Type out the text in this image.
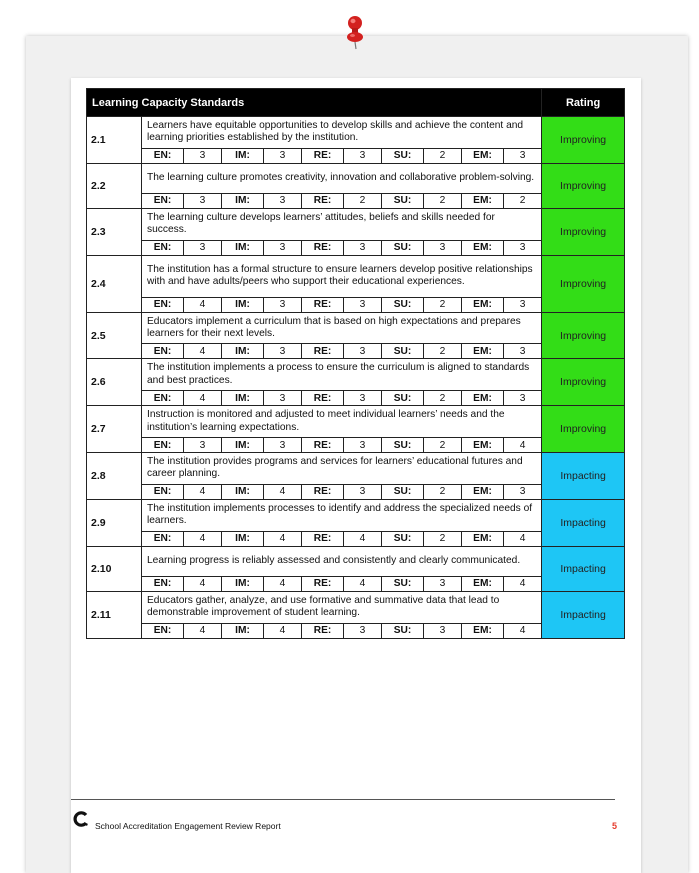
Learning Capacity Standards											Rating
2.1	Learners have equitable opportunities to develop skills and achieve the content and learning priorities established by the institution.										Improving
	EN:	3	IM:	3	RE:	3	SU:	2	EM:	3	
2.2	The learning culture promotes creativity, innovation and collaborative problem-solving.										Improving
	EN:	3	IM:	3	RE:	2	SU:	2	EM:	2	
2.3	The learning culture develops learners’ attitudes, beliefs and skills needed for success.										Improving
	EN:	3	IM:	3	RE:	3	SU:	3	EM:	3	
2.4	The institution has a formal structure to ensure learners develop positive relationships with and have adults/peers who support their educational experiences.										Improving
	EN:	4	IM:	3	RE:	3	SU:	2	EM:	3	
2.5	Educators implement a curriculum that is based on high expectations and prepares learners for their next levels.										Improving
	EN:	4	IM:	3	RE:	3	SU:	2	EM:	3	
2.6	The institution implements a process to ensure the curriculum is aligned to standards and best practices.										Improving
	EN:	4	IM:	3	RE:	3	SU:	2	EM:	3	
2.7	Instruction is monitored and adjusted to meet individual learners’ needs and the institution’s learning expectations.										Improving
	EN:	3	IM:	3	RE:	3	SU:	2	EM:	4	
2.8	The institution provides programs and services for learners’ educational futures and career planning.										Impacting
	EN:	4	IM:	4	RE:	3	SU:	2	EM:	3	
2.9	The institution implements processes to identify and address the specialized needs of learners.										Impacting
	EN:	4	IM:	4	RE:	4	SU:	2	EM:	4	
2.10	Learning progress is reliably assessed and consistently and clearly communicated.										Impacting
	EN:	4	IM:	4	RE:	4	SU:	3	EM:	4	
2.11	Educators gather, analyze, and use formative and summative data that lead to demonstrable improvement of student learning.										Impacting
	EN:	4	IM:	4	RE:	3	SU:	3	EM:	4	
School Accreditation Engagement Review Report	5
